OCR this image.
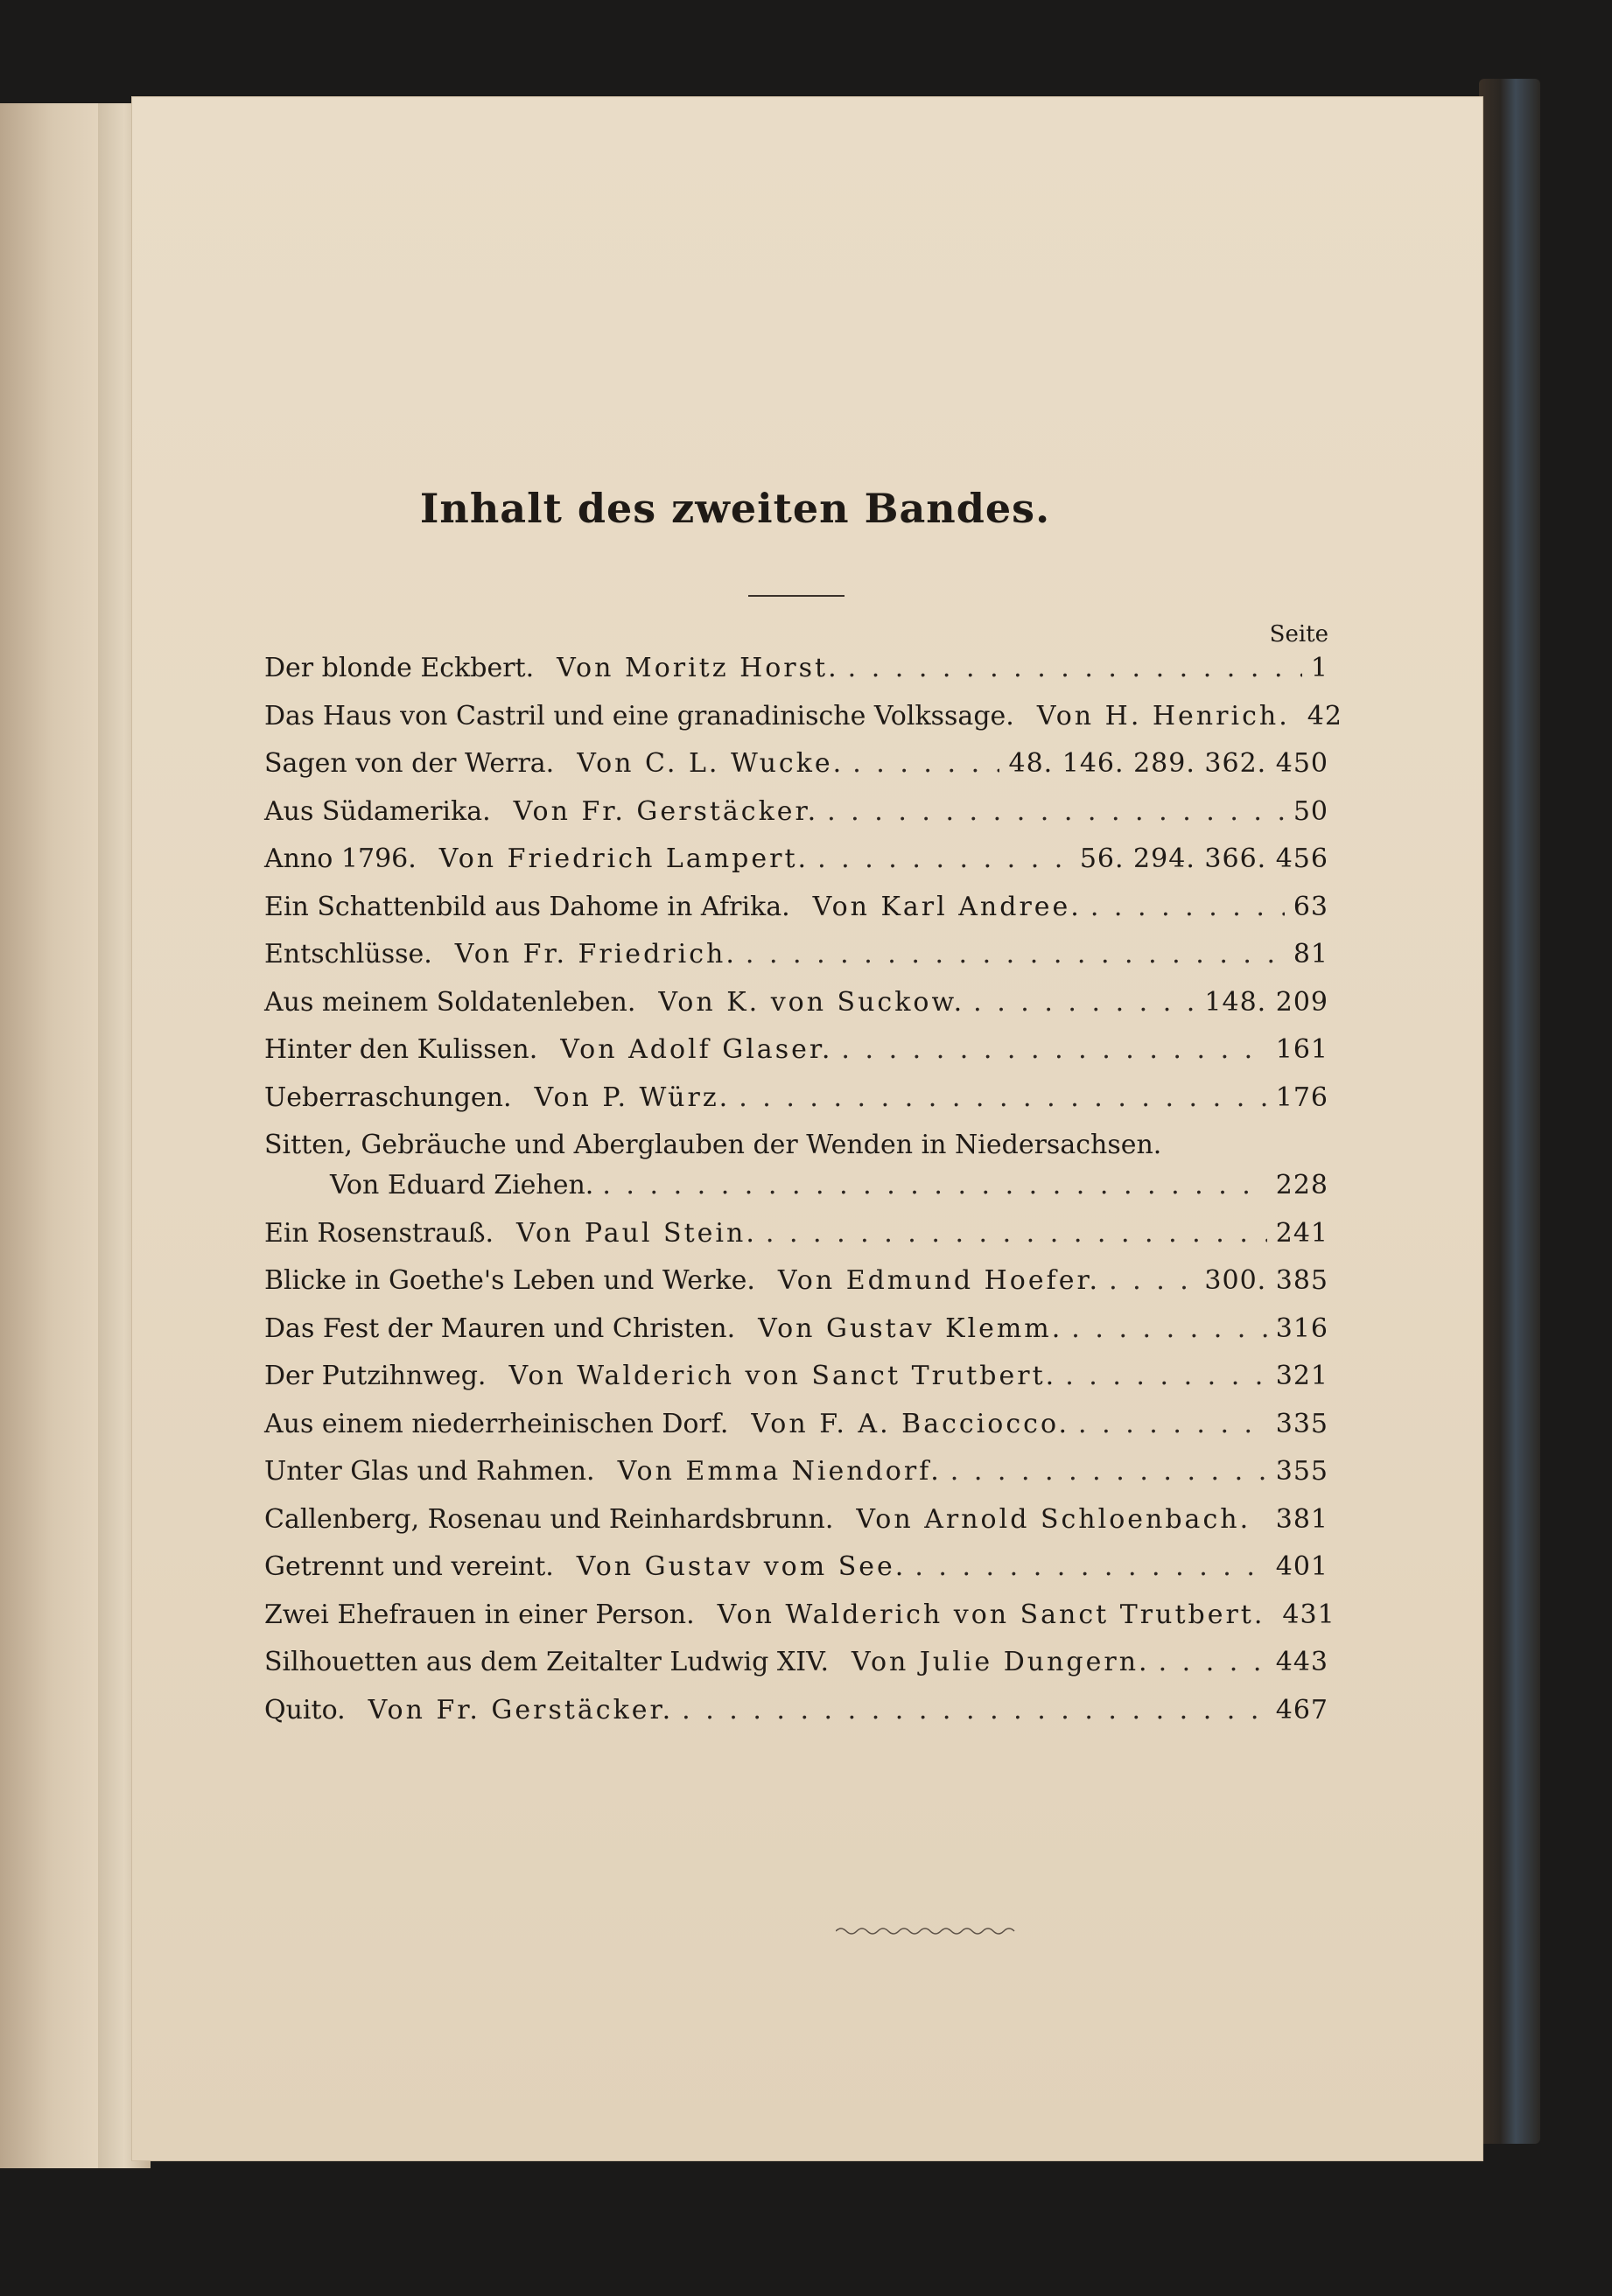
Inhalt des zweiten Bandes.
Seite
Der blonde Eckbert. Von Moritz Horst. . . .	1
Das Haus von Castril und eine granadinische Volkssage. Von H. Henrich. 42
Sagen von der Werra. Von C. L. Wucke. . . .	48. 146. 289. 362. 450
Aus Südamerika. Von Fr. Gerstäcker. . . .	50
Anno 1796. Von Friedrich Lampert. . . .	56. 294. 366. 456
Ein Schattenbild aus Dahome in Afrika. Von Karl Andree. . . .	63
Entschlüsse. Von Fr. Friedrich. . . .	81
Aus meinem Soldatenleben. Von K. von Suckow. . . .	148. 209
Hinter den Kulissen. Von Adolf Glaser. . . .	161
Ueberraschungen. Von P. Würz. . . .	176
Sitten, Gebräuche und Aberglauben der Wenden in Niedersachsen.
Von Eduard Ziehen. . . .	228
Ein Rosenstrauß. Von Paul Stein. . . .	241
Blicke in Goethe's Leben und Werke. Von Edmund Hoefer. . . .	300. 385
Das Fest der Mauren und Christen. Von Gustav Klemm. . . .	316
Der Putzihnweg. Von Walderich von Sanct Trutbert. . . .	321
Aus einem niederrheinischen Dorf. Von F. A. Bacciocco. . . .	335
Unter Glas und Rahmen. Von Emma Niendorf. . . .	355
Callenberg, Rosenau und Reinhardsbrunn. Von Arnold Schloenbach. 381
Getrennt und vereint. Von Gustav vom See. . . .	401
Zwei Ehefrauen in einer Person. Von Walderich von Sanct Trutbert. 431
Silhouetten aus dem Zeitalter Ludwig XIV. Von Julie Dungern. . . .	443
Quito. Von Fr. Gerstäcker. . . .	467
